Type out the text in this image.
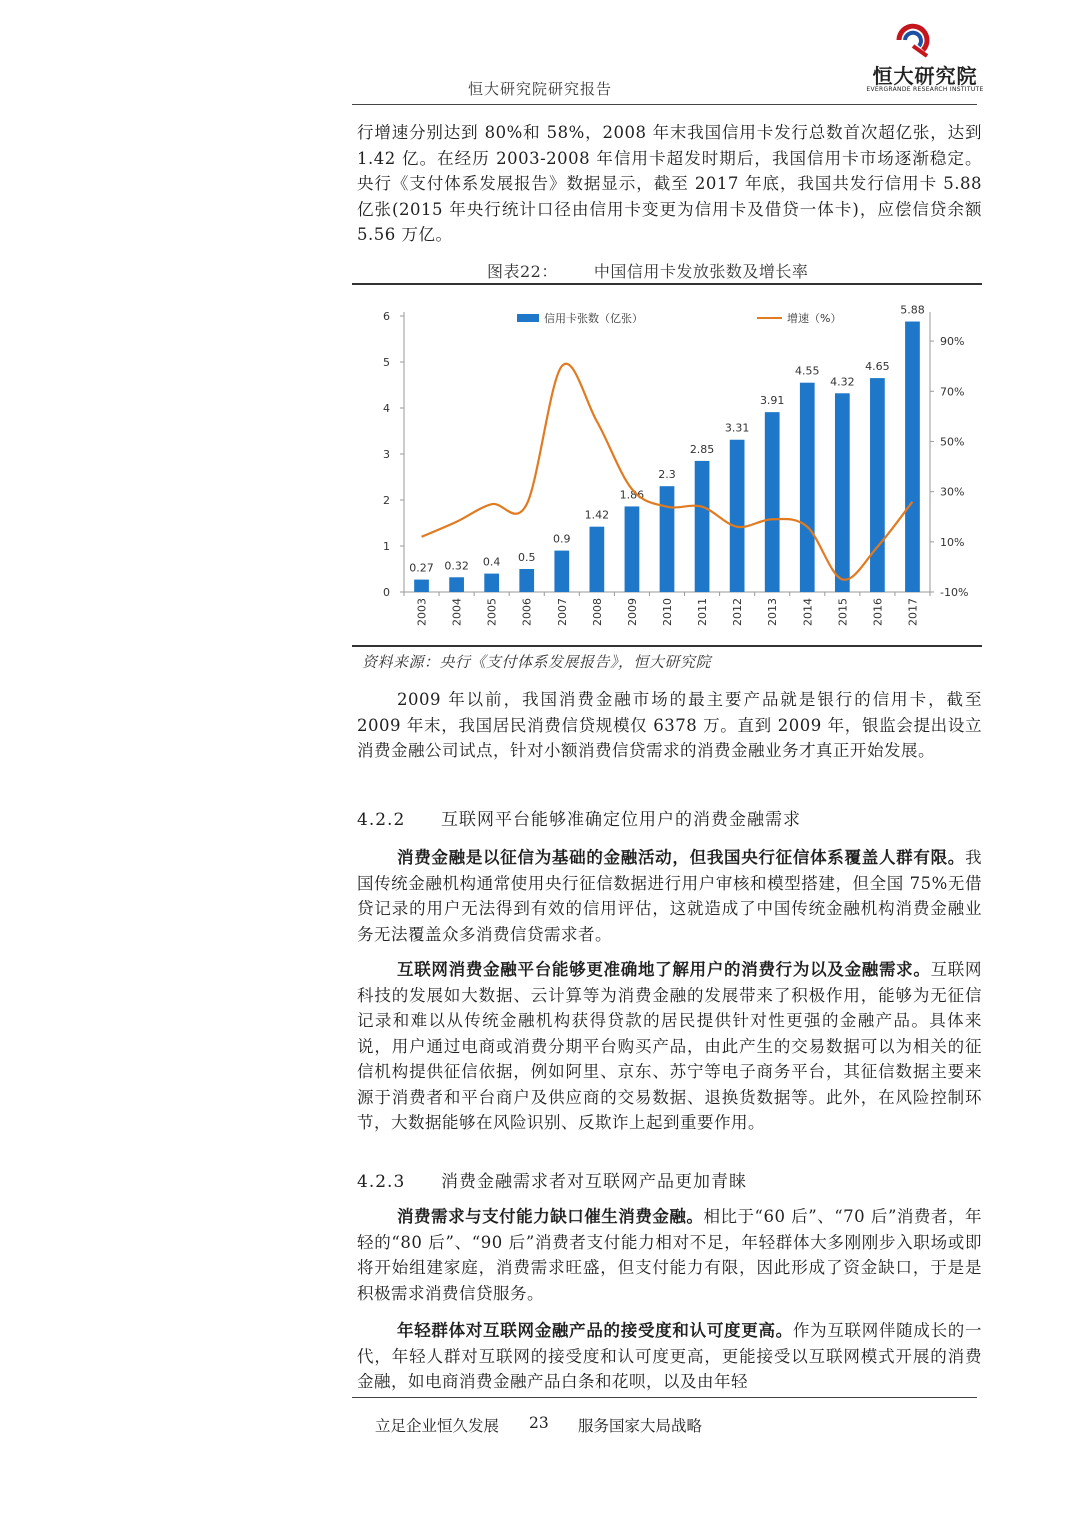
恒大研究院
EVERGRANDE RESEARCH INSTITUTE
恒大研究院研究报告
行增速分别达到 80%和 58%，2008 年末我国信用卡发行总数首次超亿张，达到 1.42 亿。在经历 2003-2008 年信用卡超发时期后，我国信用卡市场逐渐稳定。央行《支付体系发展报告》数据显示，截至 2017 年底，我国共发行信用卡 5.88 亿张(2015 年央行统计口径由信用卡变更为信用卡及借贷一体卡)，应偿信贷余额 5.56 万亿。
图表22： 中国信用卡发放张数及增长率
0.27 0.32 0.4 0.5
0.9
1.42
1.86
2.3
2.85
3.31
3.91
4.55
4.32
4.65
5.88
0
1
2
3
4
5
6
-10%
10%
30%
50%
70%
90%
2003 2004 2005 2006 2007 2008 2009 2010 2011 2012 2013 2014 2015 2016 2017
信用卡张数（亿张）	增速（%）
资料来源：央行《支付体系发展报告》，恒大研究院
2009 年以前，我国消费金融市场的最主要产品就是银行的信用卡，截至 2009 年末，我国居民消费信贷规模仅 6378 万。直到 2009 年，银监会提出设立消费金融公司试点，针对小额消费信贷需求的消费金融业务才真正开始发展。
4.2.2 互联网平台能够准确定位用户的消费金融需求
消费金融是以征信为基础的金融活动，但我国央行征信体系覆盖人群有限。我国传统金融机构通常使用央行征信数据进行用户审核和模型搭建，但全国 75%无借贷记录的用户无法得到有效的信用评估，这就造成了中国传统金融机构消费金融业务无法覆盖众多消费信贷需求者。
互联网消费金融平台能够更准确地了解用户的消费行为以及金融需求。互联网科技的发展如大数据、云计算等为消费金融的发展带来了积极作用，能够为无征信记录和难以从传统金融机构获得贷款的居民提供针对性更强的金融产品。具体来说，用户通过电商或消费分期平台购买产品，由此产生的交易数据可以为相关的征信机构提供征信依据，例如阿里、京东、苏宁等电子商务平台，其征信数据主要来源于消费者和平台商户及供应商的交易数据、退换货数据等。此外，在风险控制环节，大数据能够在风险识别、反欺诈上起到重要作用。
4.2.3 消费金融需求者对互联网产品更加青睐
消费需求与支付能力缺口催生消费金融。相比于“60 后”、“70 后”消费者，年轻的“80 后”、“90 后”消费者支付能力相对不足，年轻群体大多刚刚步入职场或即将开始组建家庭，消费需求旺盛，但支付能力有限，因此形成了资金缺口，于是是积极需求消费信贷服务。
年轻群体对互联网金融产品的接受度和认可度更高。作为互联网伴随成长的一代，年轻人群对互联网的接受度和认可度更高，更能接受以互联网模式开展的消费金融，如电商消费金融产品白条和花呗，以及由年轻
立足企业恒久发展 23 服务国家大局战略
